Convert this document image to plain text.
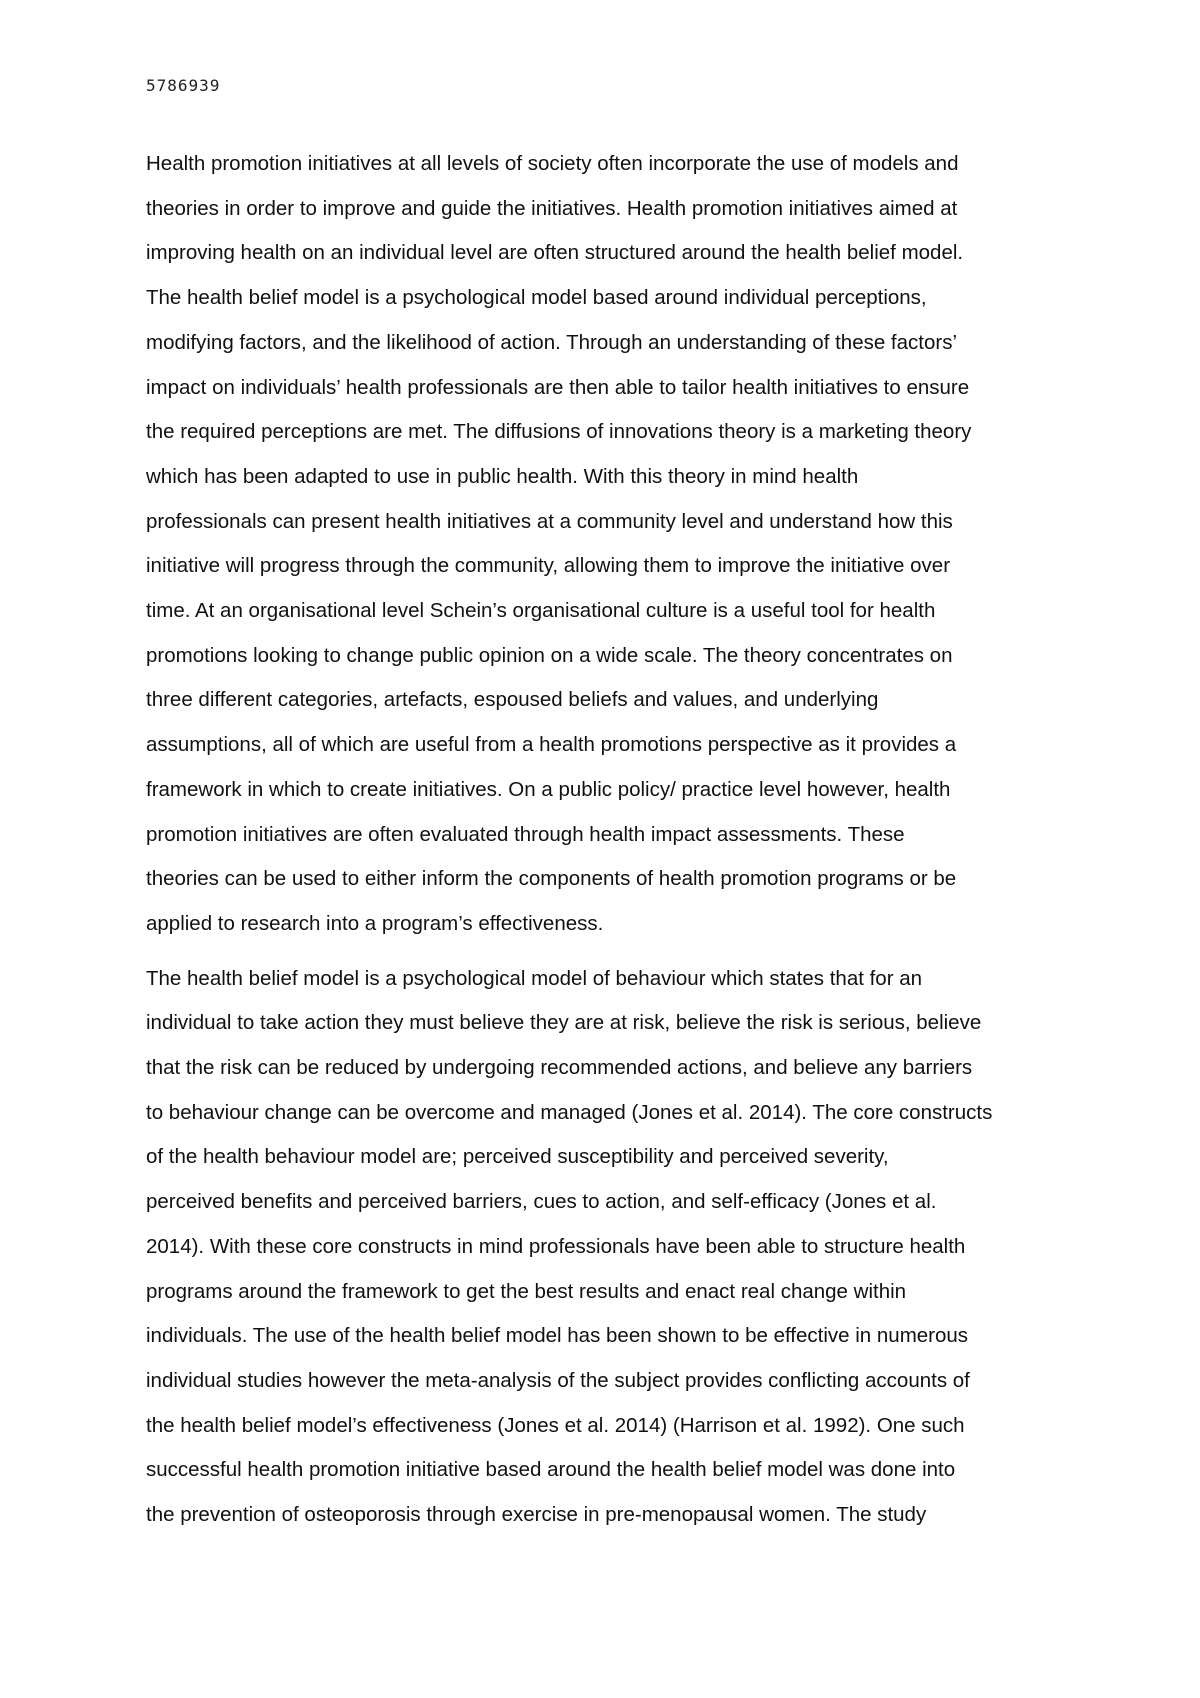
5786939
Health promotion initiatives at all levels of society often incorporate the use of models and
theories in order to improve and guide the initiatives. Health promotion initiatives aimed at
improving health on an individual level are often structured around the health belief model.
The health belief model is a psychological model based around individual perceptions,
modifying factors, and the likelihood of action. Through an understanding of these factors’
impact on individuals’ health professionals are then able to tailor health initiatives to ensure
the required perceptions are met. The diffusions of innovations theory is a marketing theory
which has been adapted to use in public health. With this theory in mind health
professionals can present health initiatives at a community level and understand how this
initiative will progress through the community, allowing them to improve the initiative over
time. At an organisational level Schein’s organisational culture is a useful tool for health
promotions looking to change public opinion on a wide scale. The theory concentrates on
three different categories, artefacts, espoused beliefs and values, and underlying
assumptions, all of which are useful from a health promotions perspective as it provides a
framework in which to create initiatives. On a public policy/ practice level however, health
promotion initiatives are often evaluated through health impact assessments. These
theories can be used to either inform the components of health promotion programs or be
applied to research into a program’s effectiveness.
The health belief model is a psychological model of behaviour which states that for an
individual to take action they must believe they are at risk, believe the risk is serious, believe
that the risk can be reduced by undergoing recommended actions, and believe any barriers
to behaviour change can be overcome and managed (Jones et al. 2014). The core constructs
of the health behaviour model are; perceived susceptibility and perceived severity,
perceived benefits and perceived barriers, cues to action, and self-efficacy (Jones et al.
2014). With these core constructs in mind professionals have been able to structure health
programs around the framework to get the best results and enact real change within
individuals. The use of the health belief model has been shown to be effective in numerous
individual studies however the meta-analysis of the subject provides conflicting accounts of
the health belief model’s effectiveness (Jones et al. 2014) (Harrison et al. 1992). One such
successful health promotion initiative based around the health belief model was done into
the prevention of osteoporosis through exercise in pre-menopausal women. The study
